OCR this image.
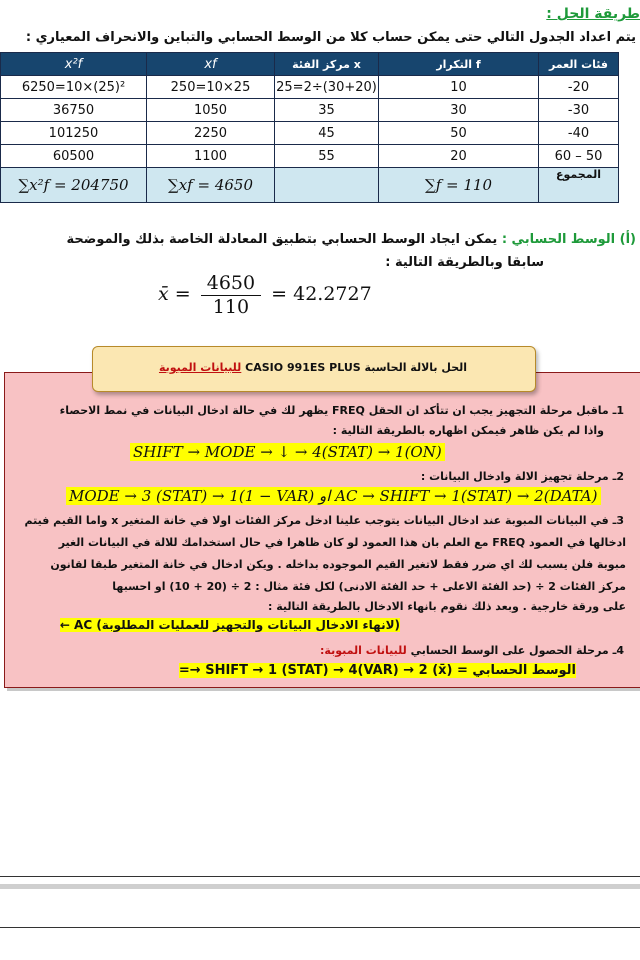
طريقة الحل :
يتم اعداد الجدول التالي حتى يمكن حساب كلا من الوسط الحسابي والتباين والانحراف المعياري :
x²f	xf	مركز الفئة x	التكرار f	فئات العمر
6250=10×(25)²	250=10×25	25=2÷(30+20)	10	-20
36750	1050	35	30	-30
101250	2250	45	50	-40
60500	1100	55	20	60 – 50
∑x²f = 204750	∑xf = 4650		∑f = 110	المجموع
(أ) الوسط الحسابي : يمكن ايجاد الوسط الحسابي بتطبيق المعادلة الخاصة بذلك والموضحة
سابقا وبالطريقة التالية :
x̄ = $\frac{4650}{110} = 42.2727$
الحل بالالة الحاسبة CASIO 991ES PLUS للبيانات المبوبة
1ـ ماقبل مرحلة التجهيز يجب ان تتأكد ان الحقل FREQ يظهر لك في حالة ادخال البيانات في نمط الاحصاء
واذا لم يكن ظاهر فيمكن اظهاره بالطريقة التالية :
SHIFT → MODE → ↓ → 4(STAT) → 1(ON)
2ـ مرحلة تجهيز الالة وادخال البيانات :
MODE → 3 (STAT) → 1(1 − VAR) او AC → SHIFT → 1(STAT) → 2(DATA)
3ـ في البيانات المبوبة عند ادخال البيانات يتوجب علينا ادخل مركز الفئات اولا في خانة المتغير x واما القيم فيتم
ادخالها في العمود FREQ مع العلم بان هذا العمود لو كان ظاهرا في حال استخدامك للالة في البيانات الغير
مبوبة فلن يسبب لك اي ضرر فقط لاتغير القيم الموجوده بداخله . ويكن ادخال في خانة المتغير طبقا لقانون
مركز الفئات 2 ÷ (حد الفئة الاعلى + حد الفئة الادنى) لكل فئة مثال : 2 ÷ (20 + 10) او احسبها
على ورقة خارجية . وبعد ذلك نقوم بانهاء الادخال بالطريقة التالية :
(لانهاء الادخال البيانات والتجهيز للعمليات المطلوبة) AC ←
4ـ مرحلة الحصول على الوسط الحسابي للبيانات المبوبة:
الوسط الحسابي = SHIFT → 1 (STAT) → 4(VAR) → 2 (x̄) →=
